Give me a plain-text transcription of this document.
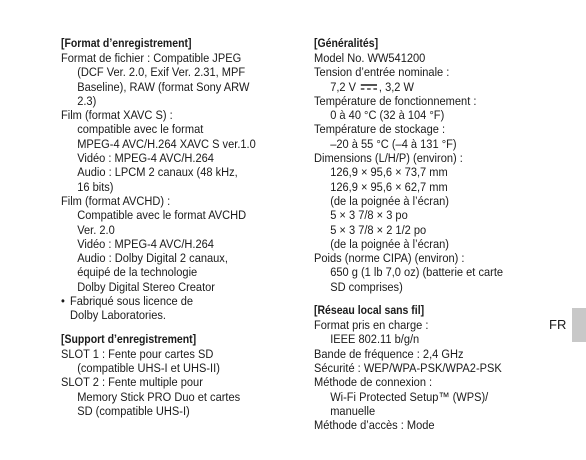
[Format d’enregistrement]
Format de fichier : Compatible JPEG
(DCF Ver. 2.0, Exif Ver. 2.31, MPF
Baseline), RAW (format Sony ARW
2.3)
Film (format XAVC S) :
compatible avec le format
MPEG-4 AVC/H.264 XAVC S ver.1.0
Vidéo : MPEG-4 AVC/H.264
Audio : LPCM 2 canaux (48 kHz,
16 bits)
Film (format AVCHD) :
Compatible avec le format AVCHD
Ver. 2.0
Vidéo : MPEG-4 AVC/H.264
Audio : Dolby Digital 2 canaux,
équipé de la technologie
Dolby Digital Stereo Creator
• Fabriqué sous licence de
Dolby Laboratories.
[Support d’enregistrement]
SLOT 1 : Fente pour cartes SD
(compatible UHS-I et UHS-II)
SLOT 2 : Fente multiple pour
Memory Stick PRO Duo et cartes
SD (compatible UHS-I)
[Généralités]
Model No. WW541200
Tension d’entrée nominale :
7,2 V , 3,2 W
Température de fonctionnement :
0 à 40 °C (32 à 104 °F)
Température de stockage :
–20 à 55 °C (–4 à 131 °F)
Dimensions (L/H/P) (environ) :
126,9 × 95,6 × 73,7 mm
126,9 × 95,6 × 62,7 mm
(de la poignée à l’écran)
5 × 3 7/8 × 3 po
5 × 3 7/8 × 2 1/2 po
(de la poignée à l’écran)
Poids (norme CIPA) (environ) :
650 g (1 lb 7,0 oz) (batterie et carte
SD comprises)
[Réseau local sans fil]
Format pris en charge :
IEEE 802.11 b/g/n
Bande de fréquence : 2,4 GHz
Sécurité : WEP/WPA-PSK/WPA2-PSK
Méthode de connexion :
Wi-Fi Protected Setup™ (WPS)/
manuelle
Méthode d’accès : Mode
FR
